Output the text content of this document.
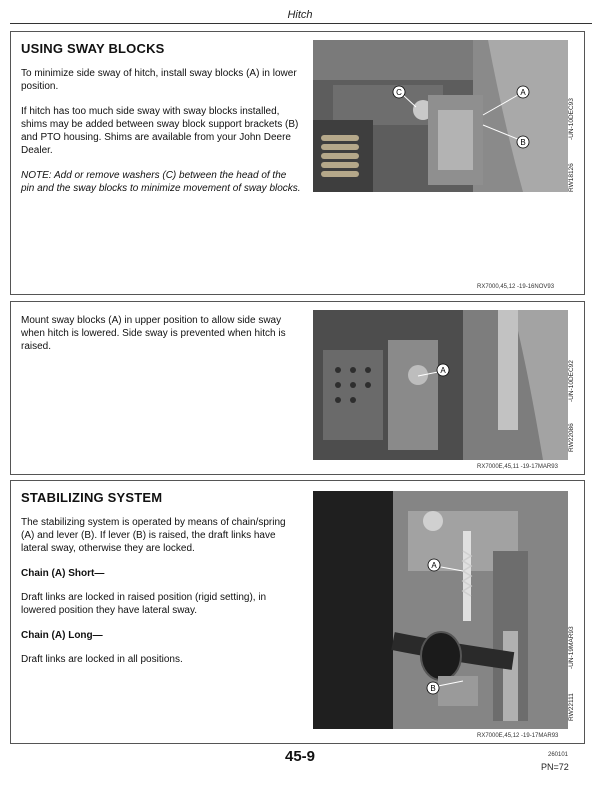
Hitch
USING SWAY BLOCKS

To minimize side sway of hitch, install sway blocks (A) in lower position.

If hitch has too much side sway with sway blocks installed, shims may be added between sway block support brackets (B) and PTO housing. Shims are available from your John Deere Dealer.

NOTE: Add or remove washers (C) between the head of the pin and the sway blocks to minimize movement of sway blocks.

C	A
B
RW18126
-UN-10DEC93
RX7000,45,12 -19-16NOV93

Mount sway blocks (A) in upper position to allow side sway when hitch is lowered. Side sway is prevented when hitch is raised.

A
RW22086
-UN-10DEC92
RX7000E,45,11 -19-17MAR93
STABILIZING SYSTEM

The stabilizing system is operated by means of chain/spring (A) and lever (B). If lever (B) is raised, the draft links have lateral sway, otherwise they are locked.

Chain (A) Short—

Draft links are locked in raised position (rigid setting), in lowered position they have lateral sway.

Chain (A) Long—

Draft links are locked in all positions.

A
B
RW22111
-UN-19MAR93
RX7000E,45,12 -19-17MAR93
45-9	260101
PN=72
